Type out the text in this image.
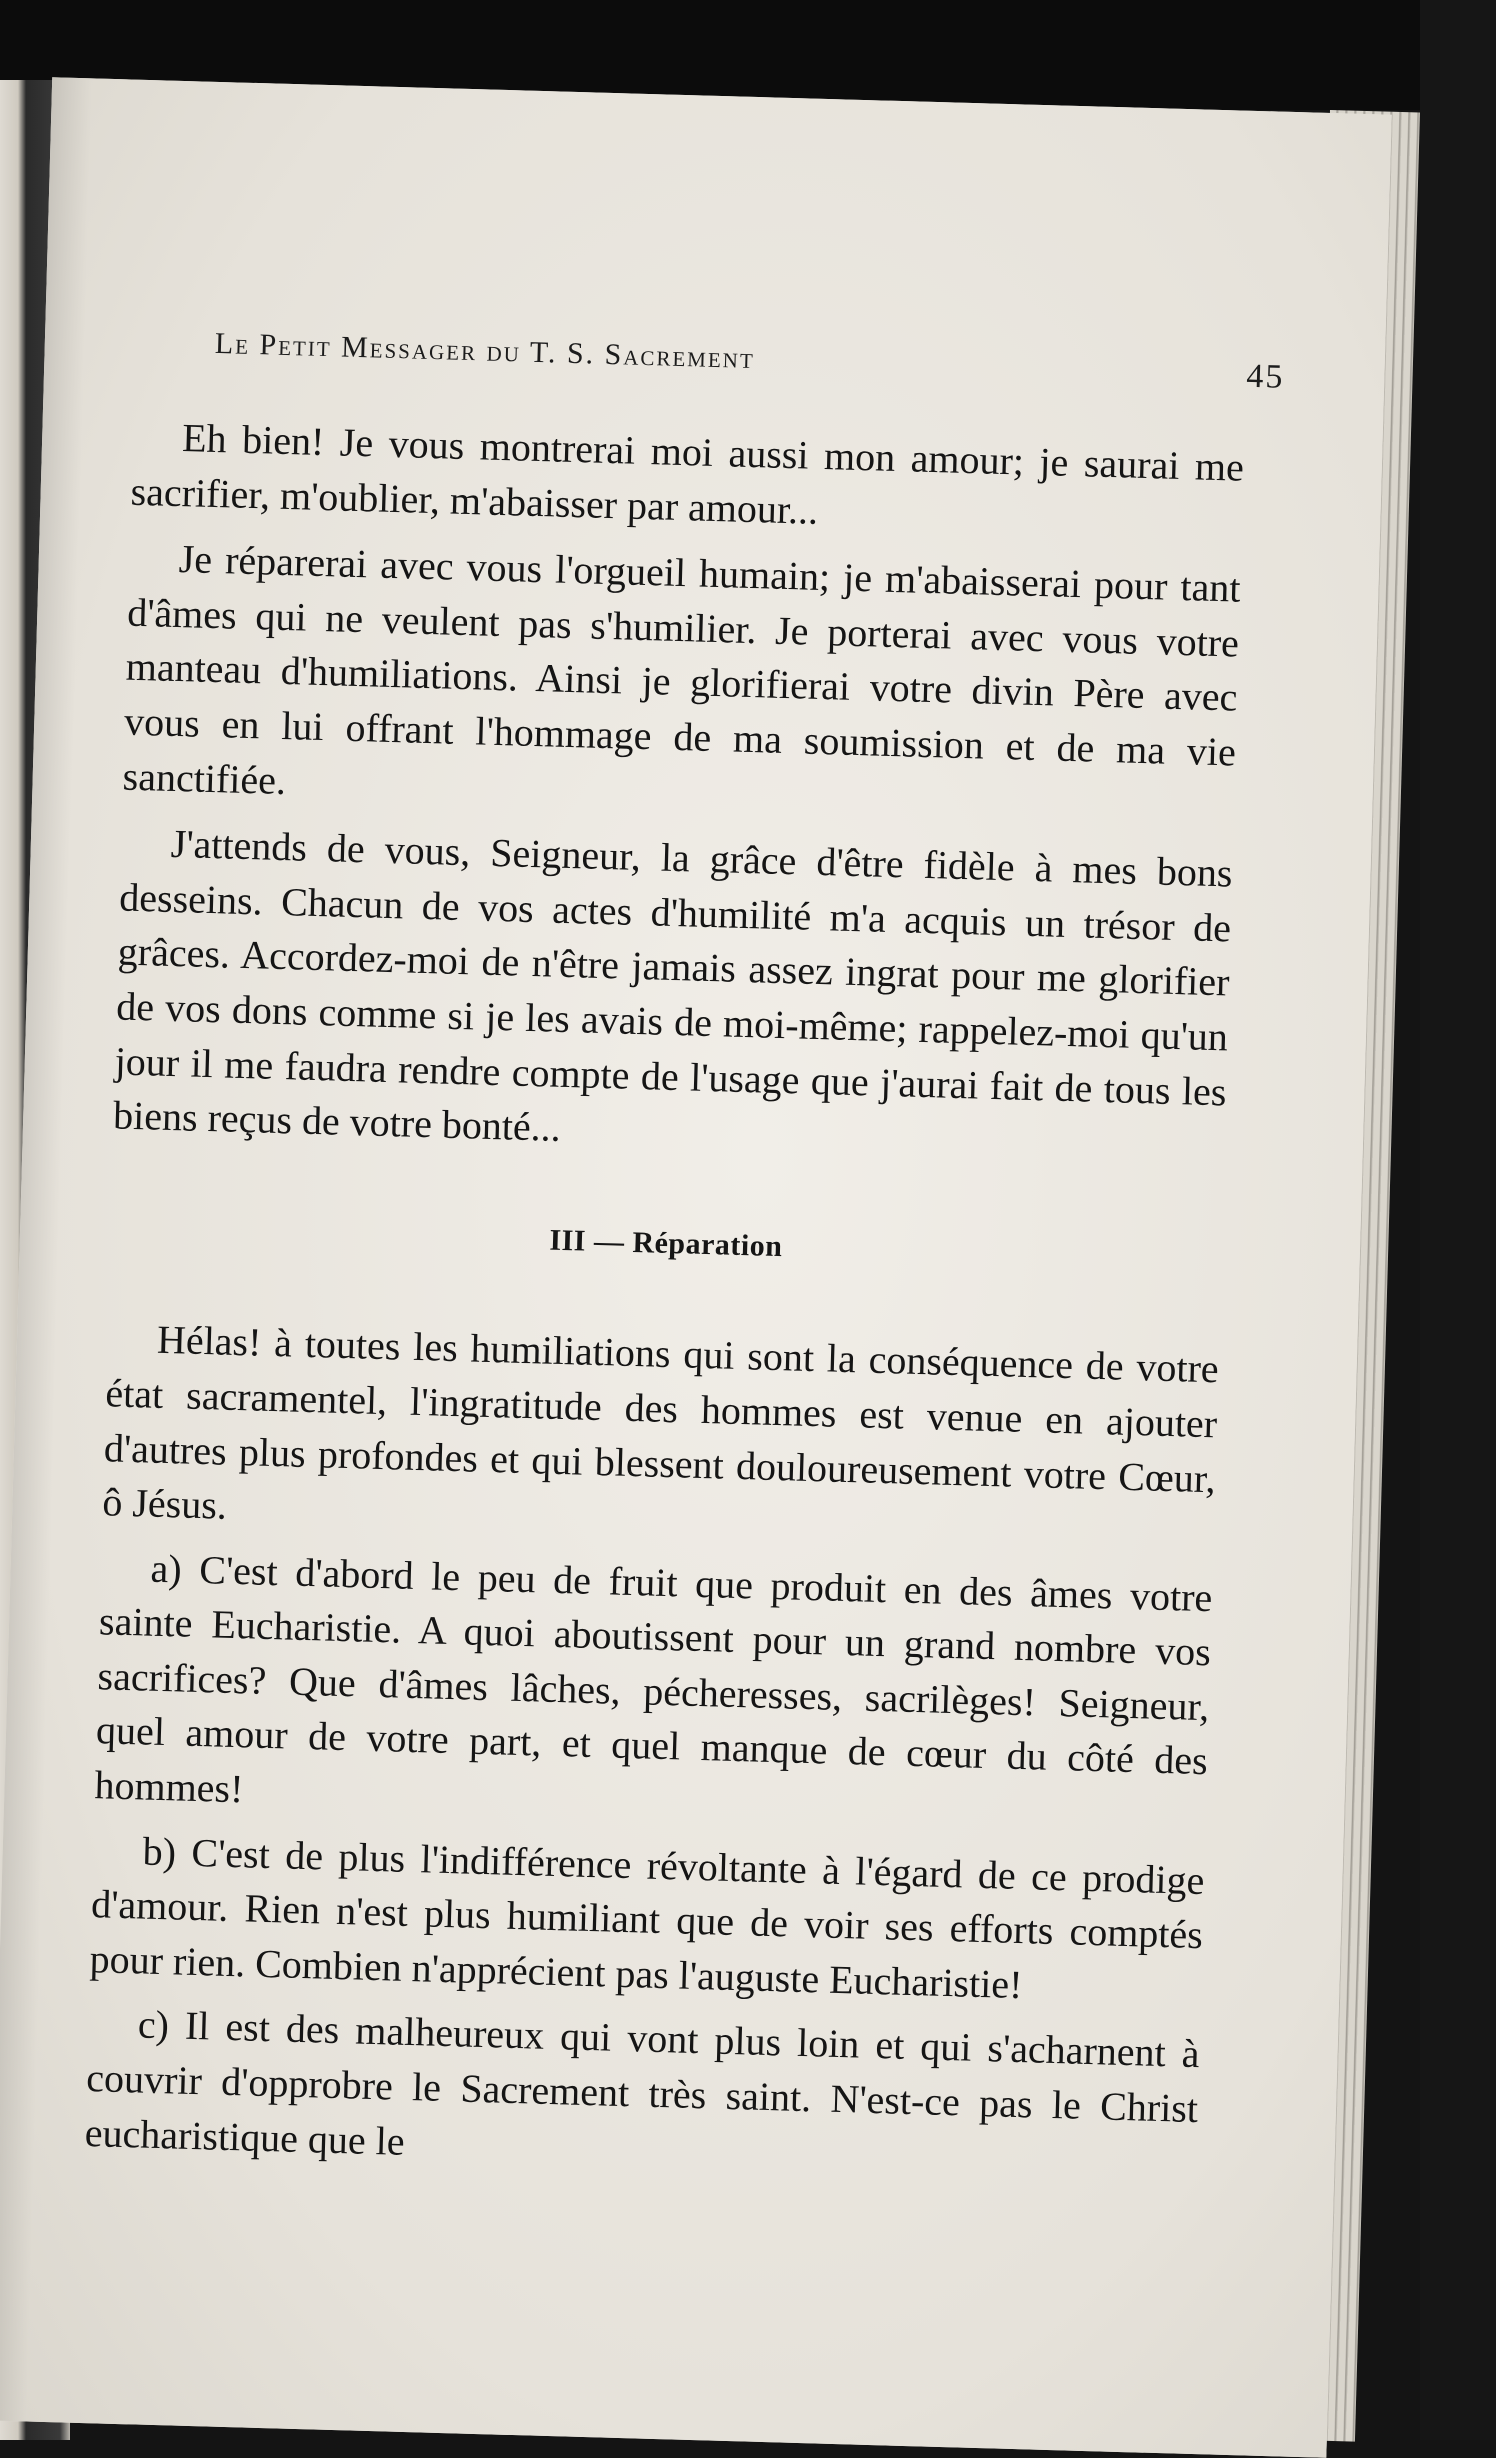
Le Petit Messager du T. S. Sacrement
45

Eh bien! Je vous montrerai moi aussi mon amour; je saurai me sacrifier, m'oublier, m'abaisser par amour...

Je réparerai avec vous l'orgueil humain; je m'abaisserai pour tant d'âmes qui ne veulent pas s'humilier. Je porterai avec vous votre manteau d'humiliations. Ainsi je glorifierai votre divin Père avec vous en lui offrant l'hommage de ma soumission et de ma vie sanctifiée.

J'attends de vous, Seigneur, la grâce d'être fidèle à mes bons desseins. Chacun de vos actes d'humilité m'a acquis un trésor de grâces. Accordez-moi de n'être jamais assez ingrat pour me glorifier de vos dons comme si je les avais de moi-même; rappelez-moi qu'un jour il me faudra rendre compte de l'usage que j'aurai fait de tous les biens reçus de votre bonté...

III — Réparation

Hélas! à toutes les humiliations qui sont la conséquence de votre état sacramentel, l'ingratitude des hommes est venue en ajouter d'autres plus profondes et qui blessent douloureusement votre Cœur, ô Jésus.

a) C'est d'abord le peu de fruit que produit en des âmes votre sainte Eucharistie. A quoi aboutissent pour un grand nombre vos sacrifices? Que d'âmes lâches, pécheresses, sacrilèges! Seigneur, quel amour de votre part, et quel manque de cœur du côté des hommes!

b) C'est de plus l'indifférence révoltante à l'égard de ce prodige d'amour. Rien n'est plus humiliant que de voir ses efforts comptés pour rien. Combien n'apprécient pas l'auguste Eucharistie!

c) Il est des malheureux qui vont plus loin et qui s'acharnent à couvrir d'opprobre le Sacrement très saint. N'est-ce pas le Christ eucharistique que le
